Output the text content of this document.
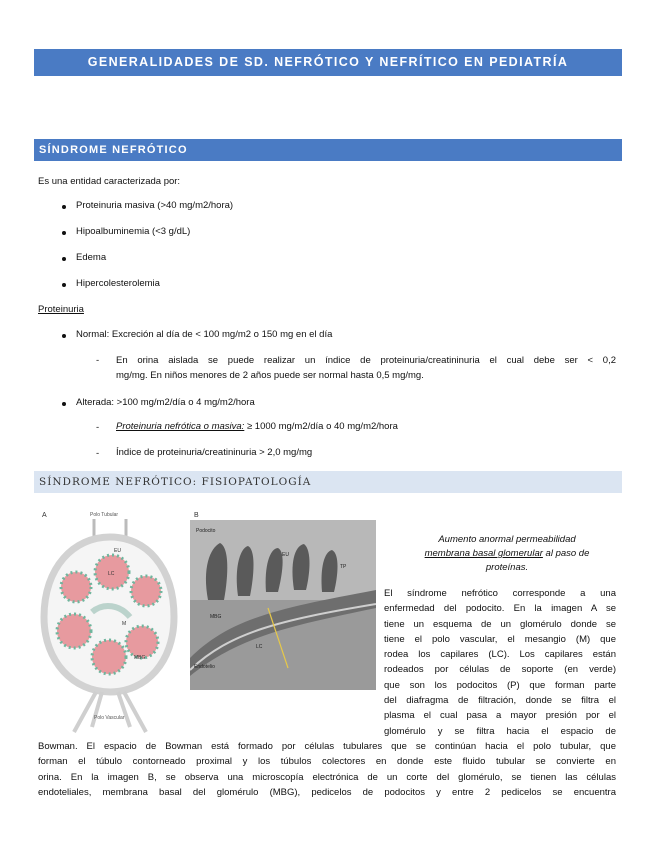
GENERALIDADES DE SD. NEFRÓTICO Y NEFRÍTICO EN PEDIATRÍA
SÍNDROME NEFRÓTICO
Es una entidad caracterizada por:
Proteinuria masiva (>40 mg/m2/hora)
Hipoalbuminemia (<3 g/dL)
Edema
Hipercolesterolemia
Proteinuria
Normal: Excreción al día de < 100 mg/m2 o 150 mg en el día
- En orina aislada se puede realizar un índice de proteinuria/creatininuria el cual debe ser < 0,2
mg/mg. En niños menores de 2 años puede ser normal hasta 0,5 mg/mg.
Alterada: >100 mg/m2/día o 4 mg/m2/hora
- Proteinuria nefrótica o masiva: ≥ 1000 mg/m2/día o 40 mg/m2/hora
- Índice de proteinuria/creatininuria > 2,0 mg/mg
SÍNDROME NEFRÓTICO: FISIOPATOLOGÍA
A	Polo Tubular
EU
LC
M
MBG
Polo Vascular
B
Podocito
EU
MBG
LC
Endotelio
TP
Aumento anormal permeabilidad
membrana basal glomerular al paso de
proteínas.
El síndrome nefrótico corresponde a una
enfermedad del podocito. En la imagen A se
tiene un esquema de un glomérulo donde se
tiene el polo vascular, el mesangio (M) que
rodea los capilares (LC). Los capilares están
rodeados por células de soporte (en verde)
que son los podocitos (P) que forman parte
del diafragma de filtración, donde se filtra el
plasma el cual pasa a mayor presión por el
glomérulo y se filtra hacia el espacio de
Bowman. El espacio de Bowman está formado por células tubulares que se continúan hacia el polo tubular, que
forman el túbulo contorneado proximal y los túbulos colectores en donde este fluido tubular se convierte en
orina. En la imagen B, se observa una microscopía electrónica de un corte del glomérulo, se tienen las células
endoteliales, membrana basal del glomérulo (MBG), pedicelos de podocitos y entre 2 pedicelos se encuentra
